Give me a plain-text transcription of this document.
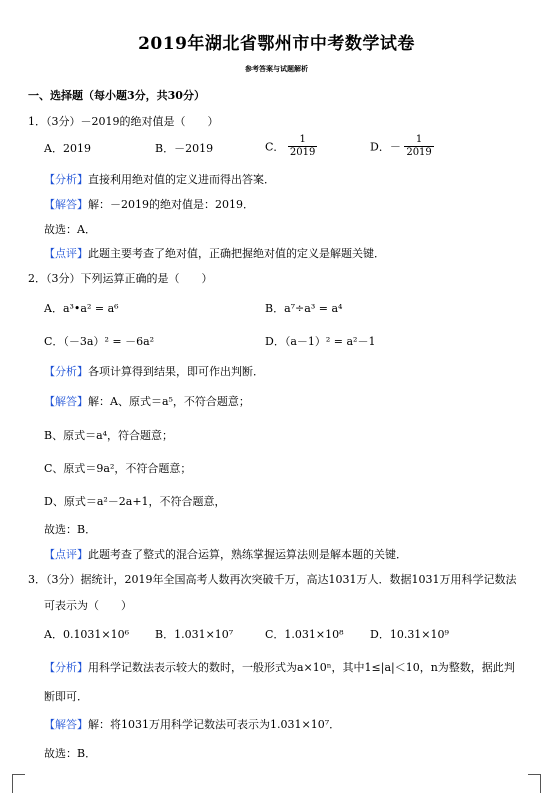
2019年湖北省鄂州市中考数学试卷
参考答案与试题解析
一、选择题（每小题3分，共30分）
1．（3分）－2019的绝对值是（　　）
A．2019	B．－2019	C． $\frac{1}{2019}$	D．－ $\frac{1}{2019}$
【分析】直接利用绝对值的定义进而得出答案．
【解答】解：－2019的绝对值是：2019．
故选：A．
【点评】此题主要考查了绝对值，正确把握绝对值的定义是解题关键．
2．（3分）下列运算正确的是（　　）
A．a³•a² = a⁶	B．a⁷÷a³ = a⁴
C．（－3a）² = －6a²	D．（a－1）² = a²－1
【分析】各项计算得到结果，即可作出判断．
【解答】解：A、原式＝a⁵，不符合题意；
B、原式＝a⁴，符合题意；
C、原式＝9a²，不符合题意；
D、原式＝a²－2a+1，不符合题意，
故选：B．
【点评】此题考查了整式的混合运算，熟练掌握运算法则是解本题的关键．
3．（3分）据统计，2019年全国高考人数再次突破千万，高达1031万人．数据1031万用科学记数法
可表示为（　　）
A．0.1031×10⁶ B．1.031×10⁷	C．1.031×10⁸ D．10.31×10⁹
【分析】用科学记数法表示较大的数时，一般形式为a×10ⁿ，其中1≤|a|＜10，n为整数，据此判
断即可．
【解答】解：将1031万用科学记数法可表示为1.031×10⁷．
故选：B．
